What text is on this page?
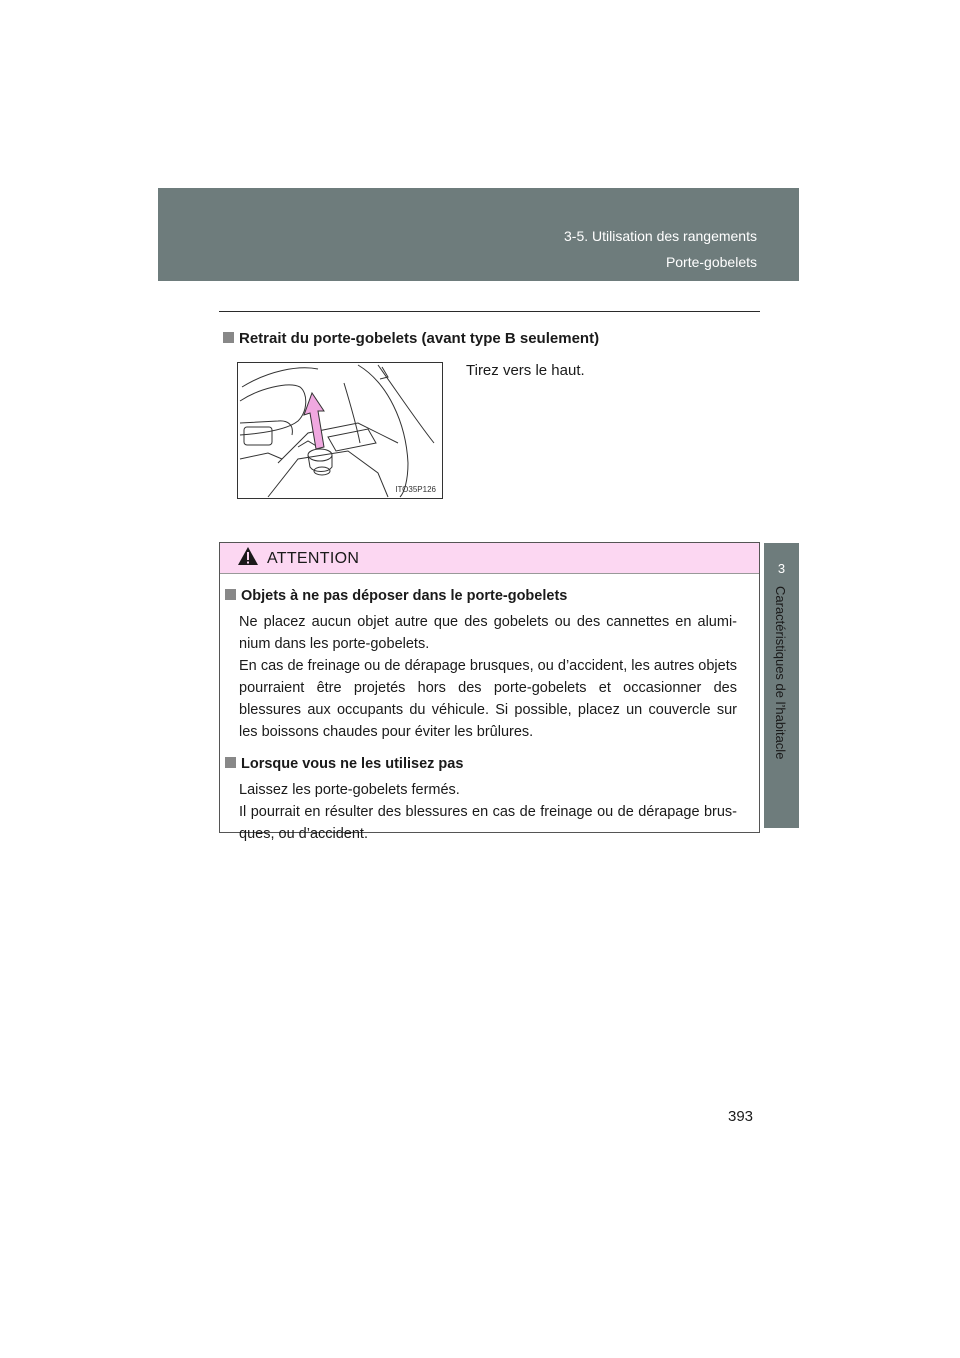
3-5. Utilisation des rangements
Porte-gobelets
3
Caractéristiques de l’habitacle
Retrait du porte-gobelets (avant type B seulement)
ITO35P126
Tirez vers le haut.
ATTENTION
Objets à ne pas déposer dans le porte-gobelets

Ne placez aucun objet autre que des gobelets ou des cannettes en alumi-nium dans les porte-gobelets.

En cas de freinage ou de dérapage brusques, ou d’accident, les autres objets pourraient être projetés hors des porte-gobelets et occasionner des blessures aux occupants du véhicule. Si possible, placez un couvercle sur les boissons chaudes pour éviter les brûlures.

Lorsque vous ne les utilisez pas

Laissez les porte-gobelets fermés.

Il pourrait en résulter des blessures en cas de freinage ou de dérapage brus-ques, ou d’accident.

393
